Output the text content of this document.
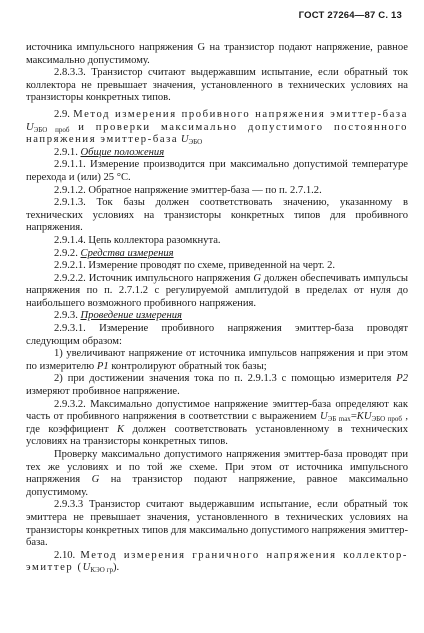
ГОСТ 27264—87 С. 13
источника импульсного напряжения G на транзистор подают напряжение, равное максимально допустимому.
2.8.3.3. Транзистор считают выдержавшим испытание, если обратный ток коллектора не превышает значения, установленного в технических условиях на транзисторы конкретных типов.
2.9. Метод измерения пробивного напряжения эмиттер-база $U_{ЭБО проб}$ и проверки максимально допустимого постоянного напряжения эмиттер-база $U_{ЭБО}$
2.9.1. Общие положения
2.9.1.1. Измерение производится при максимально допустимой температуре перехода и (или) 25 °С.
2.9.1.2. Обратное напряжение эмиттер-база — по п. 2.7.1.2.
2.9.1.3. Ток базы должен соответствовать значению, указанному в технических условиях на транзисторы конкретных типов для пробивного напряжения.
2.9.1.4. Цепь коллектора разомкнута.
2.9.2. Средства измерения
2.9.2.1. Измерение проводят по схеме, приведенной на черт. 2.
2.9.2.2. Источник импульсного напряжения G должен обеспечивать импульсы напряжения по п. 2.7.1.2 с регулируемой амплитудой в пределах от нуля до наибольшего возможного пробивного напряжения.
2.9.3. Проведение измерения
2.9.3.1. Измерение пробивного напряжения эмиттер-база проводят следующим образом:
1) увеличивают напряжение от источника импульсов напряжения и при этом по измерителю P1 контролируют обратный ток базы;
2) при достижении значения тока по п. 2.9.1.3 с помощью измерителя P2 измеряют пробивное напряжение.
2.9.3.2. Максимально допустимое напряжение эмиттер-база определяют как часть от пробивного напряжения в соответствии с выражением $U_{ЭБ max}=KU_{ЭБО проб}$ , где коэффициент K должен соответствовать установленному в технических условиях на транзисторы конкретных типов.
Проверку максимально допустимого напряжения эмиттер-база проводят при тех же условиях и по той же схеме. При этом от источника импульсного напряжения G на транзистор подают напряжение, равное максимально допустимому.
2.9.3.3 Транзистор считают выдержавшим испытание, если обратный ток эмиттера не превышает значения, установленного в технических условиях на транзисторы конкретных типов для максимально допустимого напряжения эмиттер-база.
2.10. Метод измерения граничного напряжения коллектор-эмиттер $(U_{КЭО гр})$.
